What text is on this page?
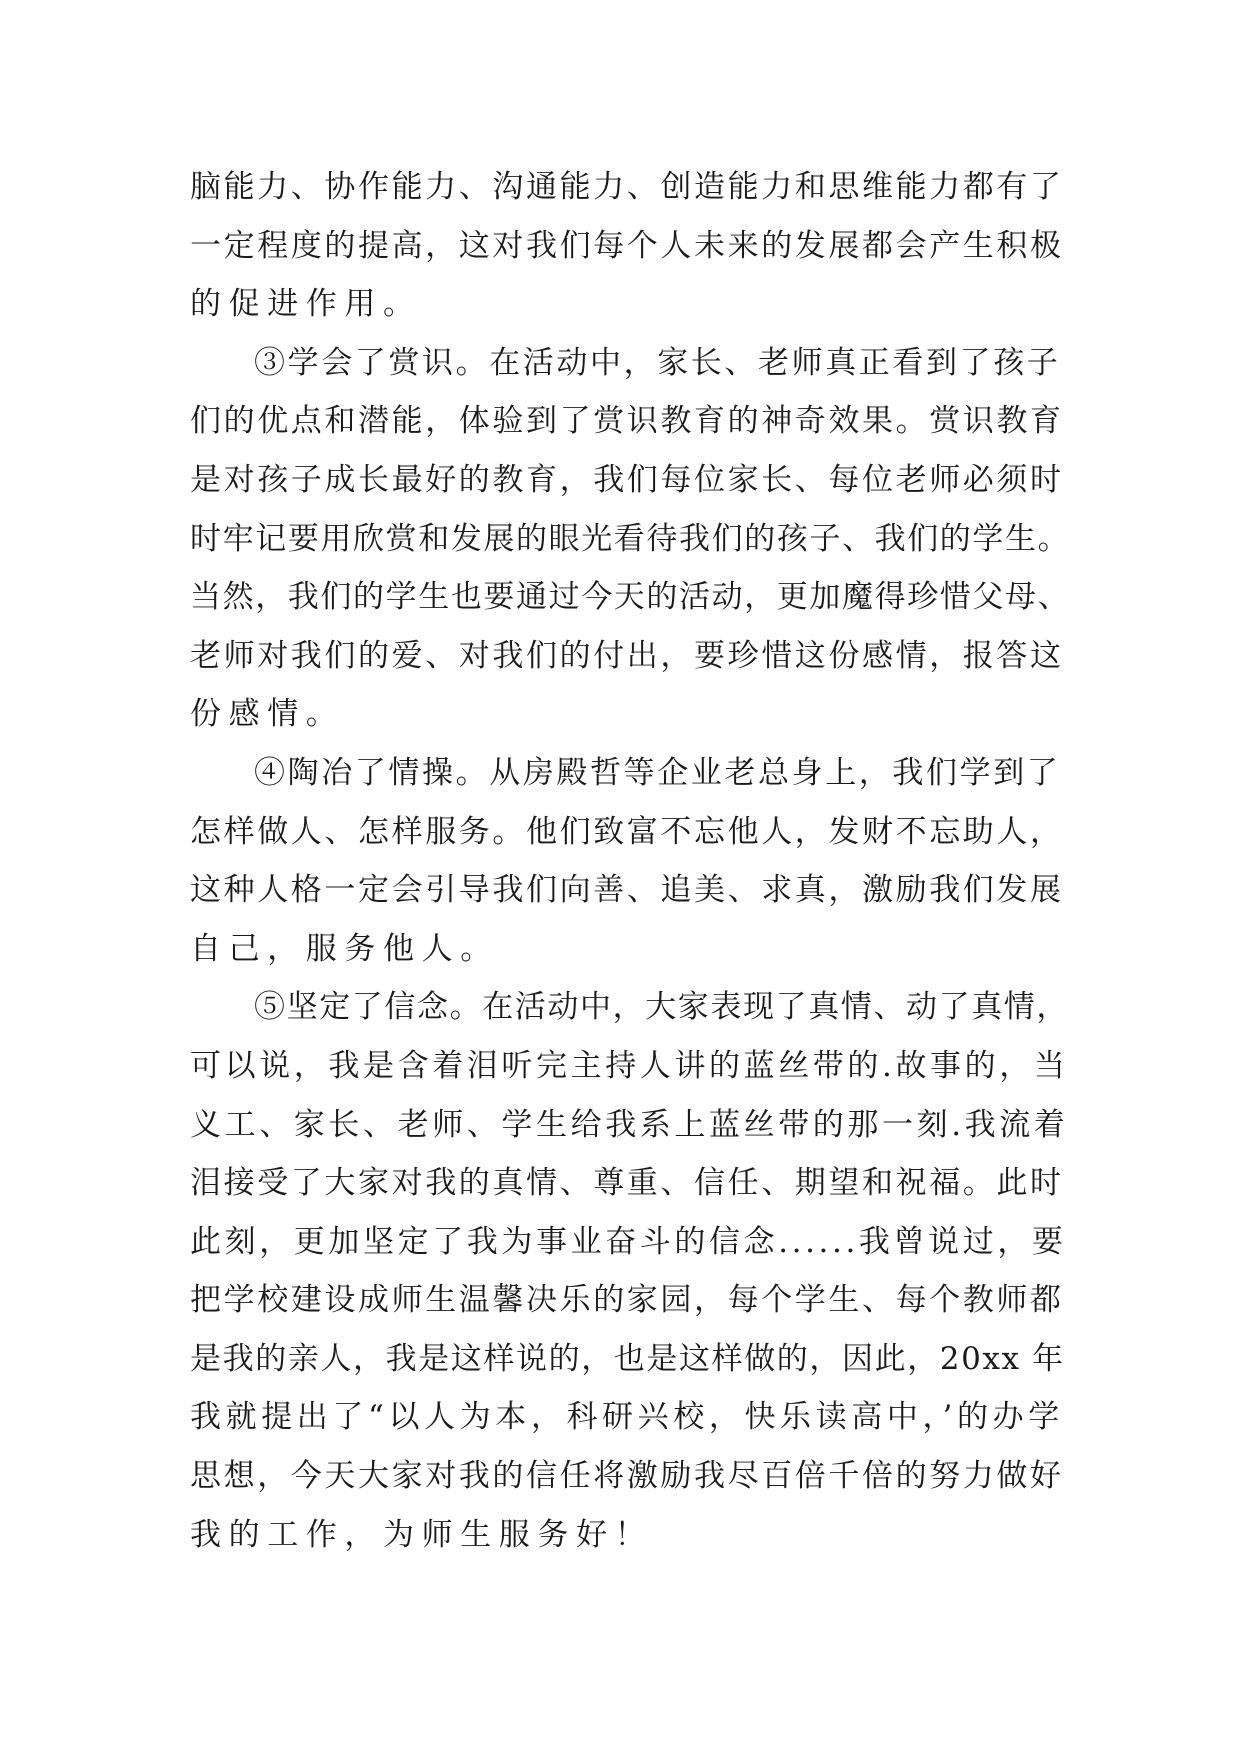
脑能力、协作能力、沟通能力、创造能力和思维能力都有了

一定程度的提高，这对我们每个人未来的发展都会产生积极

的促进作用。

③学会了赏识。在活动中，家长、老师真正看到了孩子

们的优点和潜能，体验到了赏识教育的神奇效果。赏识教育

是对孩子成长最好的教育，我们每位家长、每位老师必须时

时牢记要用欣赏和发展的眼光看待我们的孩子、我们的学生。

当然，我们的学生也要通过今天的活动，更加魔得珍惜父母、

老师对我们的爱、对我们的付出，要珍惜这份感情，报答这

份感情。

④陶冶了情操。从房殿哲等企业老总身上，我们学到了

怎样做人、怎样服务。他们致富不忘他人，发财不忘助人，

这种人格一定会引导我们向善、追美、求真，激励我们发展

自己，服务他人。

⑤坚定了信念。在活动中，大家表现了真情、动了真情，

可以说，我是含着泪听完主持人讲的蓝丝带的.故事的，当

义工、家长、老师、学生给我系上蓝丝带的那一刻.我流着

泪接受了大家对我的真情、尊重、信任、期望和祝福。此时

此刻，更加坚定了我为事业奋斗的信念......我曾说过，要

把学校建设成师生温馨决乐的家园，每个学生、每个教师都

是我的亲人，我是这样说的，也是这样做的，因此，20xx 年

我就提出了“以人为本，科研兴校，快乐读高中，’的办学

思想，今天大家对我的信任将激励我尽百倍千倍的努力做好

我的工作，为师生服务好！
